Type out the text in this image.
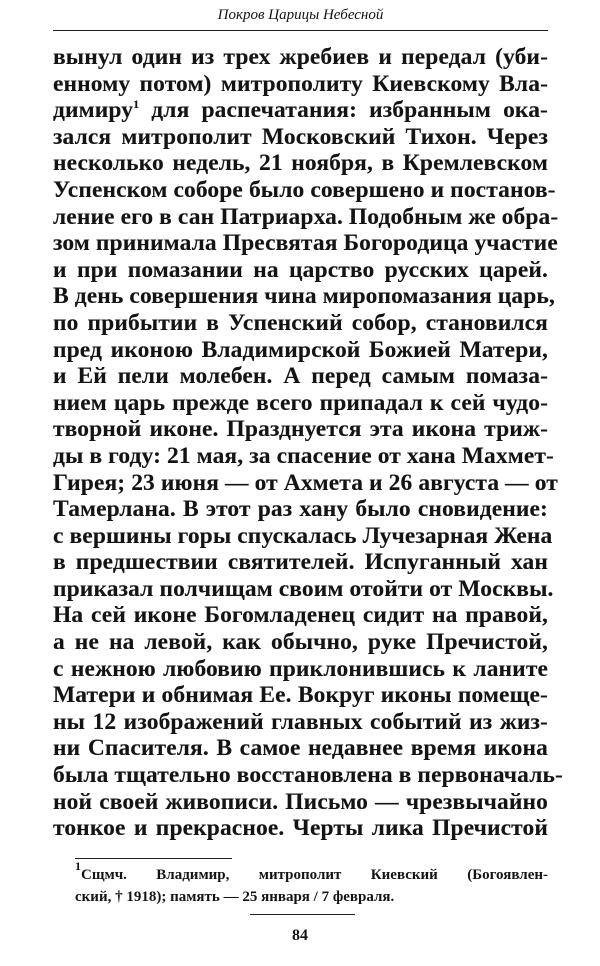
Покров Царицы Небесной
вынул один из трех жребиев и передал (уби-
енному потом) митрополиту Киевскому Вла-
димиру$^1$ для распечатания: избранным ока-
зался митрополит Московский Тихон. Через
несколько недель, 21 ноября, в Кремлевском
Успенском соборе было совершено и постанов-
ление его в сан Патриарха. Подобным же обра-
зом принимала Пресвятая Богородица участие
и при помазании на царство русских царей.
В день совершения чина миропомазания царь,
по прибытии в Успенский собор, становился
пред иконою Владимирской Божией Матери,
и Ей пели молебен. А перед самым помаза-
нием царь прежде всего припадал к сей чудо-
творной иконе. Празднуется эта икона триж-
ды в году: 21 мая, за спасение от хана Махмет-
Гирея; 23 июня — от Ахмета и 26 августа — от
Тамерлана. В этот раз хану было сновидение:
с вершины горы спускалась Лучезарная Жена
в предшествии святителей. Испуганный хан
приказал полчищам своим отойти от Москвы.
На сей иконе Богомладенец сидит на правой,
а не на левой, как обычно, руке Пречистой,
с нежною любовию приклонившись к ланите
Матери и обнимая Ее. Вокруг иконы помеще-
ны 12 изображений главных событий из жиз-
ни Спасителя. В самое недавнее время икона
была тщательно восстановлена в первоначаль-
ной своей живописи. Письмо — чрезвычайно
тонкое и прекрасное. Черты лика Пречистой
$^1$Сщмч. Владимир, митрополит Киевский (Богоявлен-
ский, † 1918); память — 25 января / 7 февраля.
84
